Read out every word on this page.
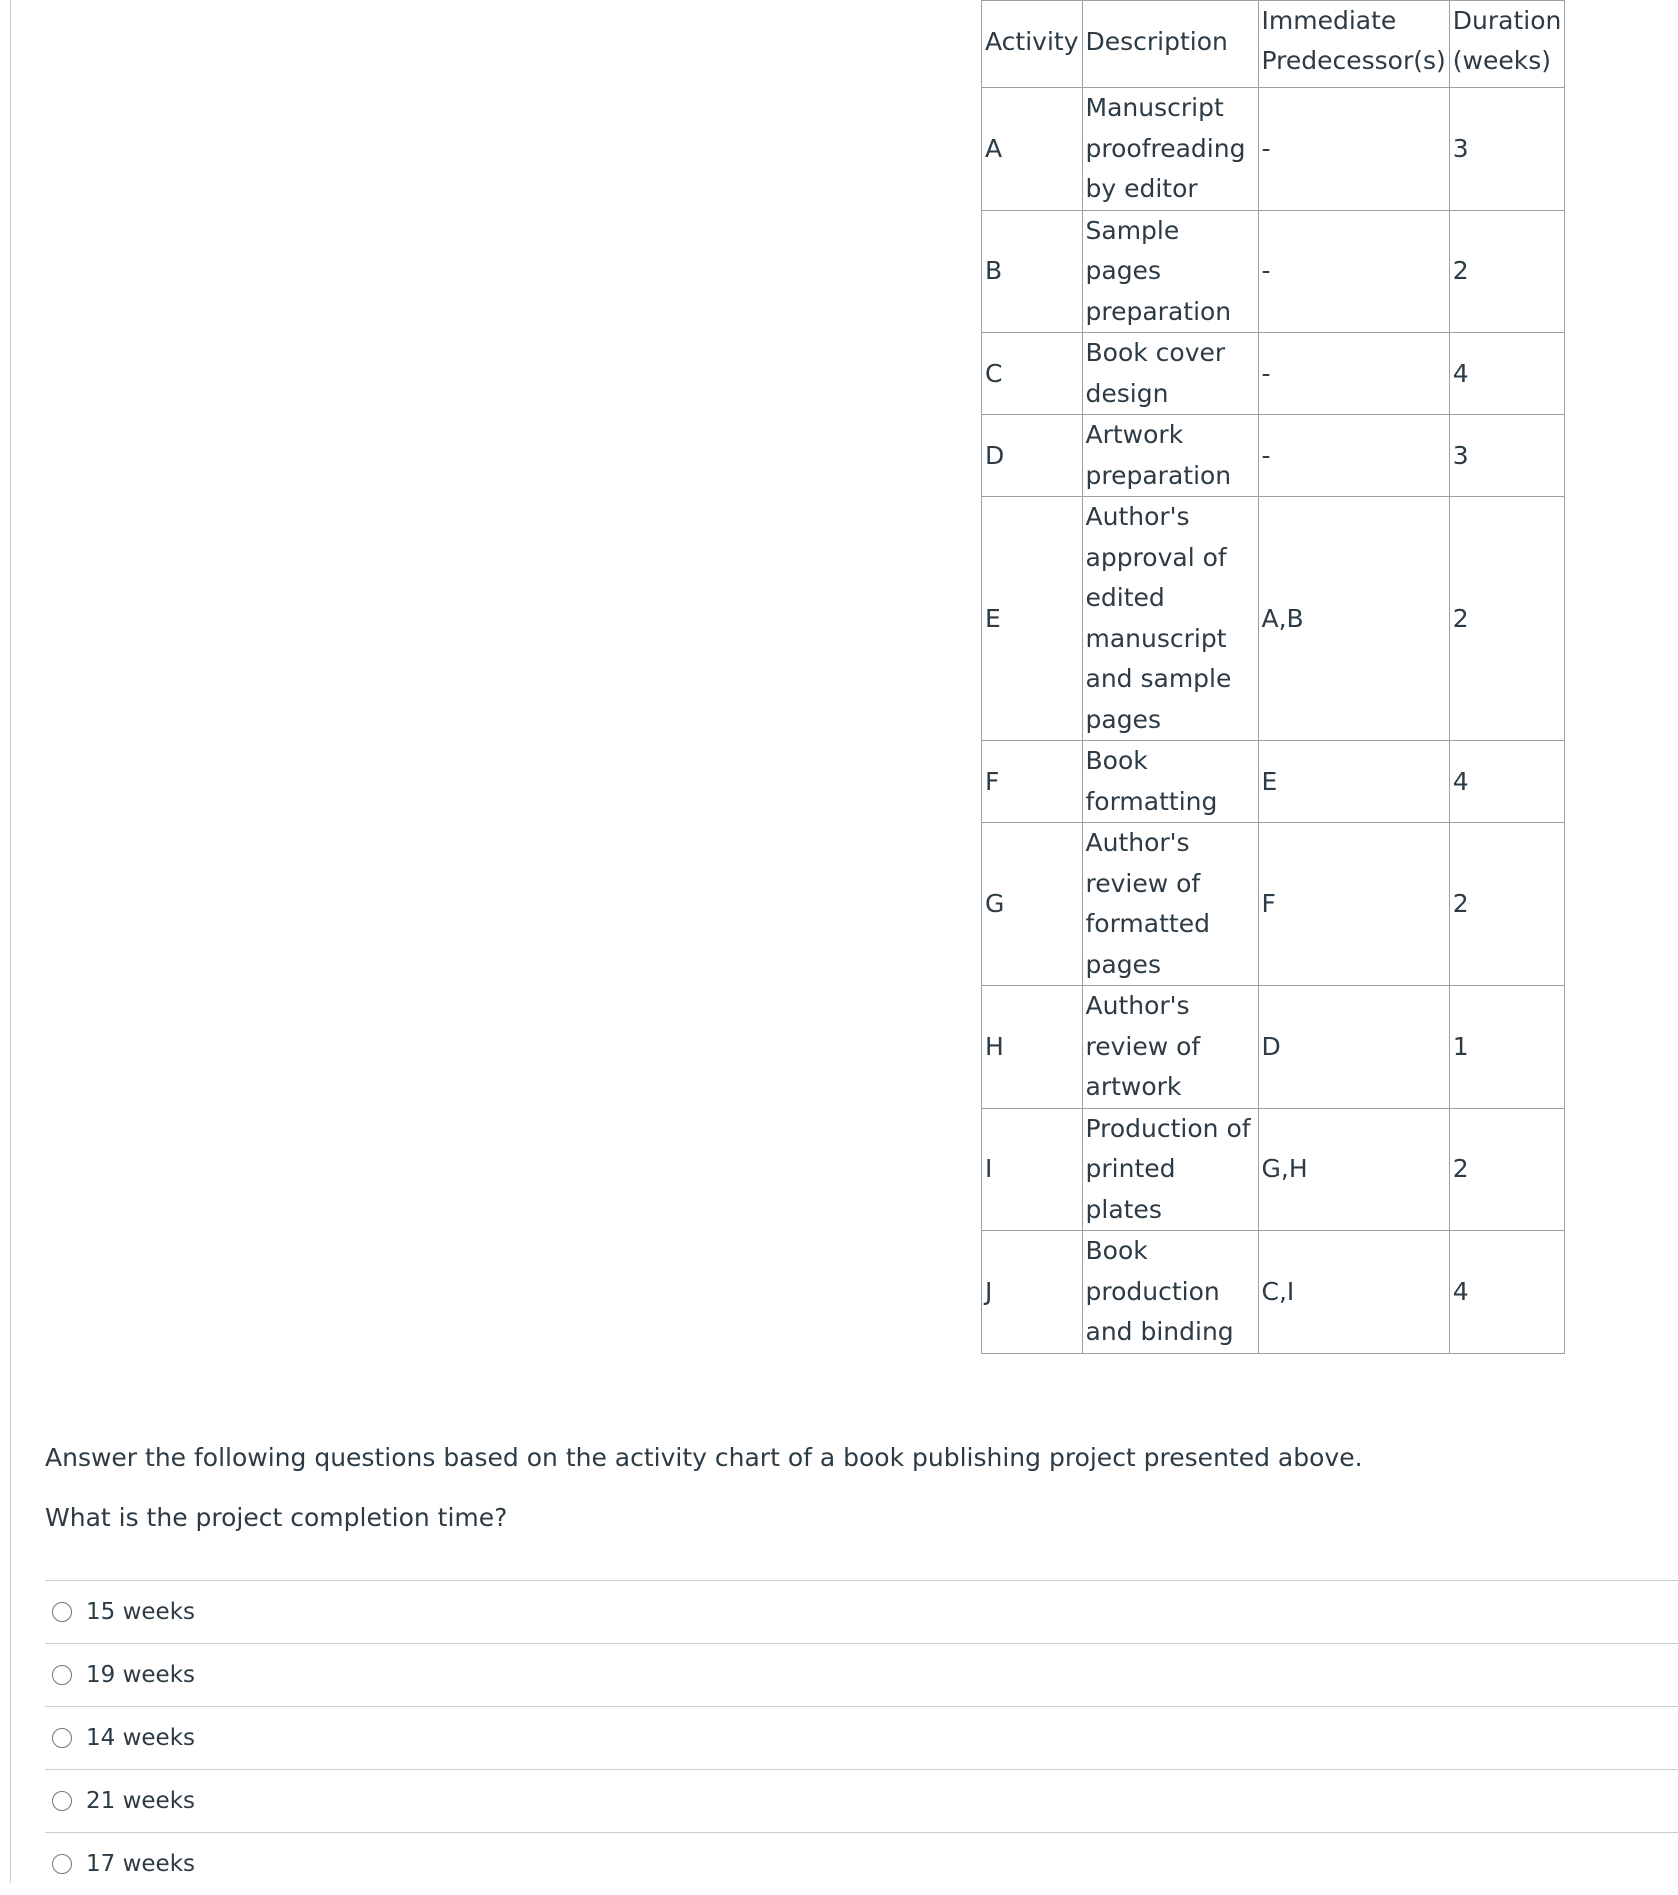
Activity	Description	Immediate Predecessor(s)	Duration (weeks)
A	Manuscript proofreading by editor	-	3
B	Sample pages preparation	-	2
C	Book cover design	-	4
D	Artwork preparation	-	3
E	Author's approval of edited manuscript and sample pages	A,B	2
F	Book formatting	E	4
G	Author's review of formatted pages	F	2
H	Author's review of artwork	D	1
I	Production of printed plates	G,H	2
J	Book production and binding	C,I	4
Answer the following questions based on the activity chart of a book publishing project presented above.
What is the project completion time?
15 weeks
19 weeks
14 weeks
21 weeks
17 weeks
